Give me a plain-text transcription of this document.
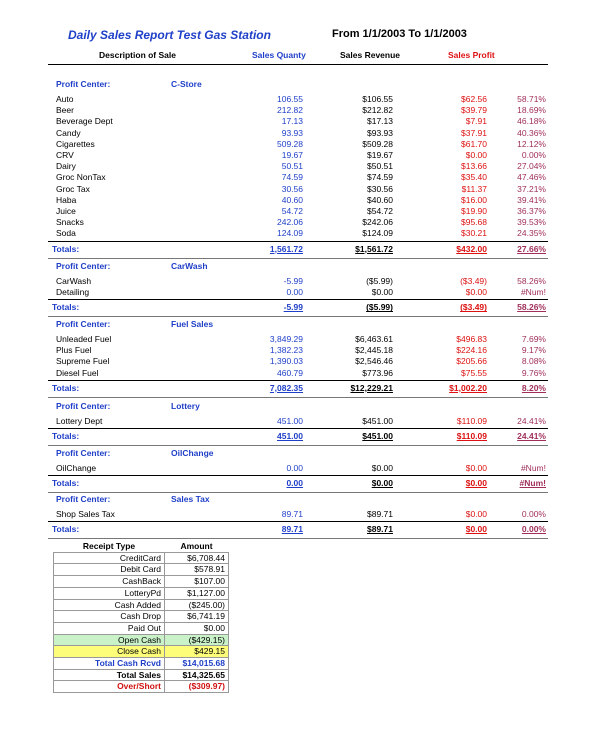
Daily Sales Report Test Gas Station	From 1/1/2003 To 1/1/2003
Description of Sale	Sales Quanty	Sales Revenue	Sales Profit
Profit Center:	C-Store
Auto	106.55	$106.55	$62.56	58.71%
Beer	212.82	$212.82	$39.79	18.69%
Beverage Dept	17.13	$17.13	$7.91	46.18%
Candy	93.93	$93.93	$37.91	40.36%
Cigarettes	509.28	$509.28	$61.70	12.12%
CRV	19.67	$19.67	$0.00	0.00%
Dairy	50.51	$50.51	$13.66	27.04%
Groc NonTax	74.59	$74.59	$35.40	47.46%
Groc Tax	30.56	$30.56	$11.37	37.21%
Haba	40.60	$40.60	$16.00	39.41%
Juice	54.72	$54.72	$19.90	36.37%
Snacks	242.06	$242.06	$95.68	39.53%
Soda	124.09	$124.09	$30.21	24.35%
Totals:	1,561.72	$1,561.72	$432.00	27.66%
Profit Center:	CarWash
CarWash	-5.99	($5.99)	($3.49)	58.26%
Detailing	0.00	$0.00	$0.00	#Num!
Totals:	-5.99	($5.99)	($3.49)	58.26%
Profit Center:	Fuel Sales
Unleaded Fuel	3,849.29	$6,463.61	$496.83	7.69%
Plus Fuel	1,382.23	$2,445.18	$224.16	9.17%
Supreme Fuel	1,390.03	$2,546.46	$205.66	8.08%
Diesel Fuel	460.79	$773.96	$75.55	9.76%
Totals:	7,082.35	$12,229.21	$1,002.20	8.20%
Profit Center:	Lottery
Lottery Dept	451.00	$451.00	$110.09	24.41%
Totals:	451.00	$451.00	$110.09	24.41%
Profit Center:	OilChange
OilChange	0.00	$0.00	$0.00	#Num!
Totals:	0.00	$0.00	$0.00	#Num!
Profit Center:	Sales Tax
Shop Sales Tax	89.71	$89.71	$0.00	0.00%
Totals:	89.71	$89.71	$0.00	0.00%
Receipt Type	Amount
CreditCard	$6,708.44
Debit Card	$578.91
CashBack	$107.00
LotteryPd	$1,127.00
Cash Added	($245.00)
Cash Drop	$6,741.19
Paid Out	$0.00
Open Cash	($429.15)
Close Cash	$429.15
Total Cash Rcvd	$14,015.68
Total Sales	$14,325.65
Over/Short	($309.97)
